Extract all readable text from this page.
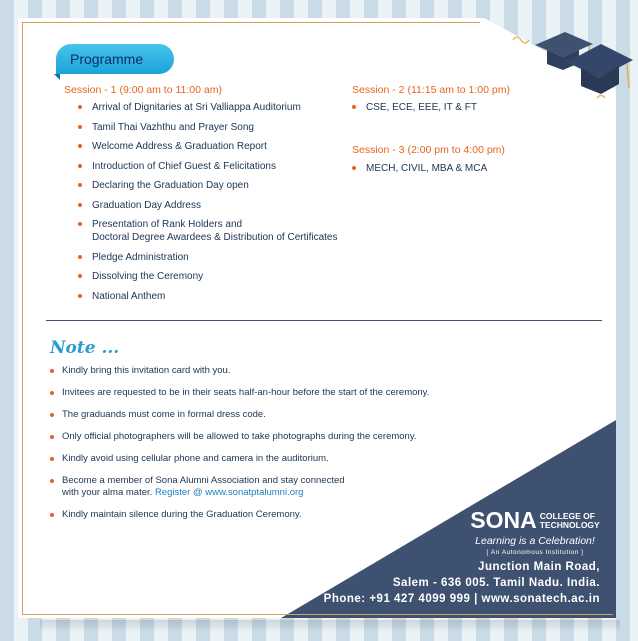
Programme
Session - 1 (9:00 am to 11:00 am)
Arrival of Dignitaries at Sri Valliappa Auditorium
Tamil Thai Vazhthu and Prayer Song
Welcome Address & Graduation Report
Introduction of Chief Guest & Felicitations
Declaring the Graduation Day open
Graduation Day Address
Presentation of Rank Holders and
Doctoral Degree Awardees & Distribution of Certificates
Pledge Administration
Dissolving the Ceremony
National Anthem
Session - 2 (11:15 am to 1:00 pm)
CSE, ECE, EEE, IT & FT
Session - 3 (2:00 pm to 4:00 pm)
MECH, CIVIL, MBA & MCA
Note ...
Kindly bring this invitation card with you.
Invitees are requested to be in their seats half-an-hour before the start of the ceremony.
The graduands must come in formal dress code.
Only official photographers will be allowed to take photographs during the ceremony.
Kindly avoid using cellular phone and camera in the auditorium.
Become a member of Sona Alumni Association and stay connected
with your alma mater. Register @ www.sonatptalumni.org
Kindly maintain silence during the Graduation Ceremony.	SONA COLLEGE OF
TECHNOLOGY
Learning is a Celebration!
[ An Autonomous Institution ]
Junction Main Road,
Salem - 636 005. Tamil Nadu. India.
Phone: +91 427 4099 999 | www.sonatech.ac.in
